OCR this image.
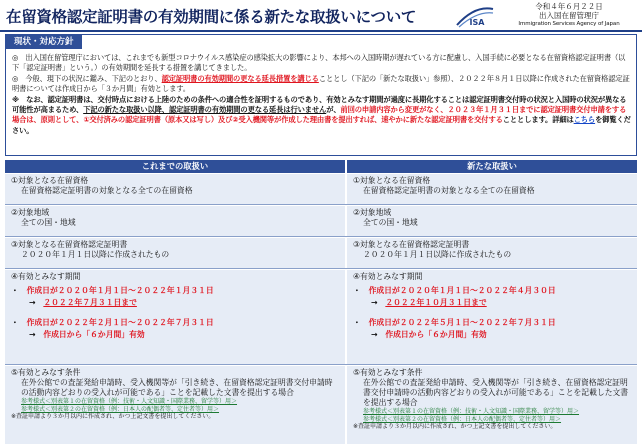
在留資格認定証明書の有効期間に係る新たな取扱いについて	ISA
令和４年６月２２日
出入国在留管理庁
Immigration Services Agency of Japan
現状・対応方針

◎　出入国在留管理庁においては、これまでも新型コロナウイルス感染症の感染拡大の影響により、本邦への入国時期が遅れている方に配慮し、入国手続に必要となる在留資格認定証明書（以下「認定証明書」という。）の有効期間を延長する措置を講じてきました。

◎　今般、現下の状況に鑑み、下記のとおり、認定証明書の有効期間の更なる延長措置を講じることとし（下記の「新たな取扱い」参照）、２０２２年８月１日以降に作成された在留資格認定証明書については作成日から「３か月間」有効とします。

※　なお、認定証明書は、交付時点における上陸のための条件への適合性を証明するものであり、有効とみなす期間が過度に長期化することは認定証明書交付時の状況と入国時の状況が異なる可能性が高まるため、下記の新たな取扱い以降、認定証明書の有効期間の更なる延長は行いませんが、前回の申請内容から変更がなく、２０２３年１月３１日までに認定証明書交付申請をする場合は、原則として、①交付済みの認定証明書（原本又は写し）及び②受入機関等が作成した理由書を提出すれば、速やかに新たな認定証明書を交付することとします。詳細はこちらを御覧ください。

これまでの取扱い	新たな取扱い
①対象となる在留資格
在留資格認定証明書の対象となる全ての在留資格
①対象となる在留資格
在留資格認定証明書の対象となる全ての在留資格
②対象地域
全ての国・地域
②対象地域
全ての国・地域
③対象となる在留資格認定証明書
２０２０年１月１日以降に作成されたもの
③対象となる在留資格認定証明書
２０２０年１月１日以降に作成されたもの
④有効とみなす期間
・　 作成日が２０２０年１月１日～２０２２年１月３１日
→　 ２０２２年７月３１日まで
・　 作成日が２０２２年２月１日～２０２２年７月３１日
→　 作成日から「６か月間」有効
④有効とみなす期間
・　 作成日が２０２０年１月１日～２０２２年４月３０日
→　 ２０２２年１０月３１日まで
・　 作成日が２０２２年５月１日～２０２２年７月３１日
→　 作成日から「６か月間」有効
⑤有効とみなす条件
在外公館での査証発給申請時、受入機関等が「引き続き、在留資格認定証明書交付申請時の活動内容どおりの受入れが可能である」ことを記載した文書を提出する場合
参考様式＜別表第１の在留資格（例：技術・人文知識・国際業務、留学等）用＞
参考様式＜別表第２の在留資格（例：日本人の配偶者等、定住者等）用＞
※査証申請より３か月以内に作成され、かつ上記文書を提出してください。
⑤有効とみなす条件
在外公館での査証発給申請時、受入機関等が「引き続き、在留資格認定証明書交付申請時の活動内容どおりの受入れが可能である」ことを記載した文書を提出する場合
参考様式＜別表第１の在留資格（例：技術・人文知識・国際業務、留学等）用＞
参考様式＜別表第２の在留資格（例：日本人の配偶者等、定住者等）用＞
※査証申請より３か月以内に作成され、かつ上記文書を提出してください。
